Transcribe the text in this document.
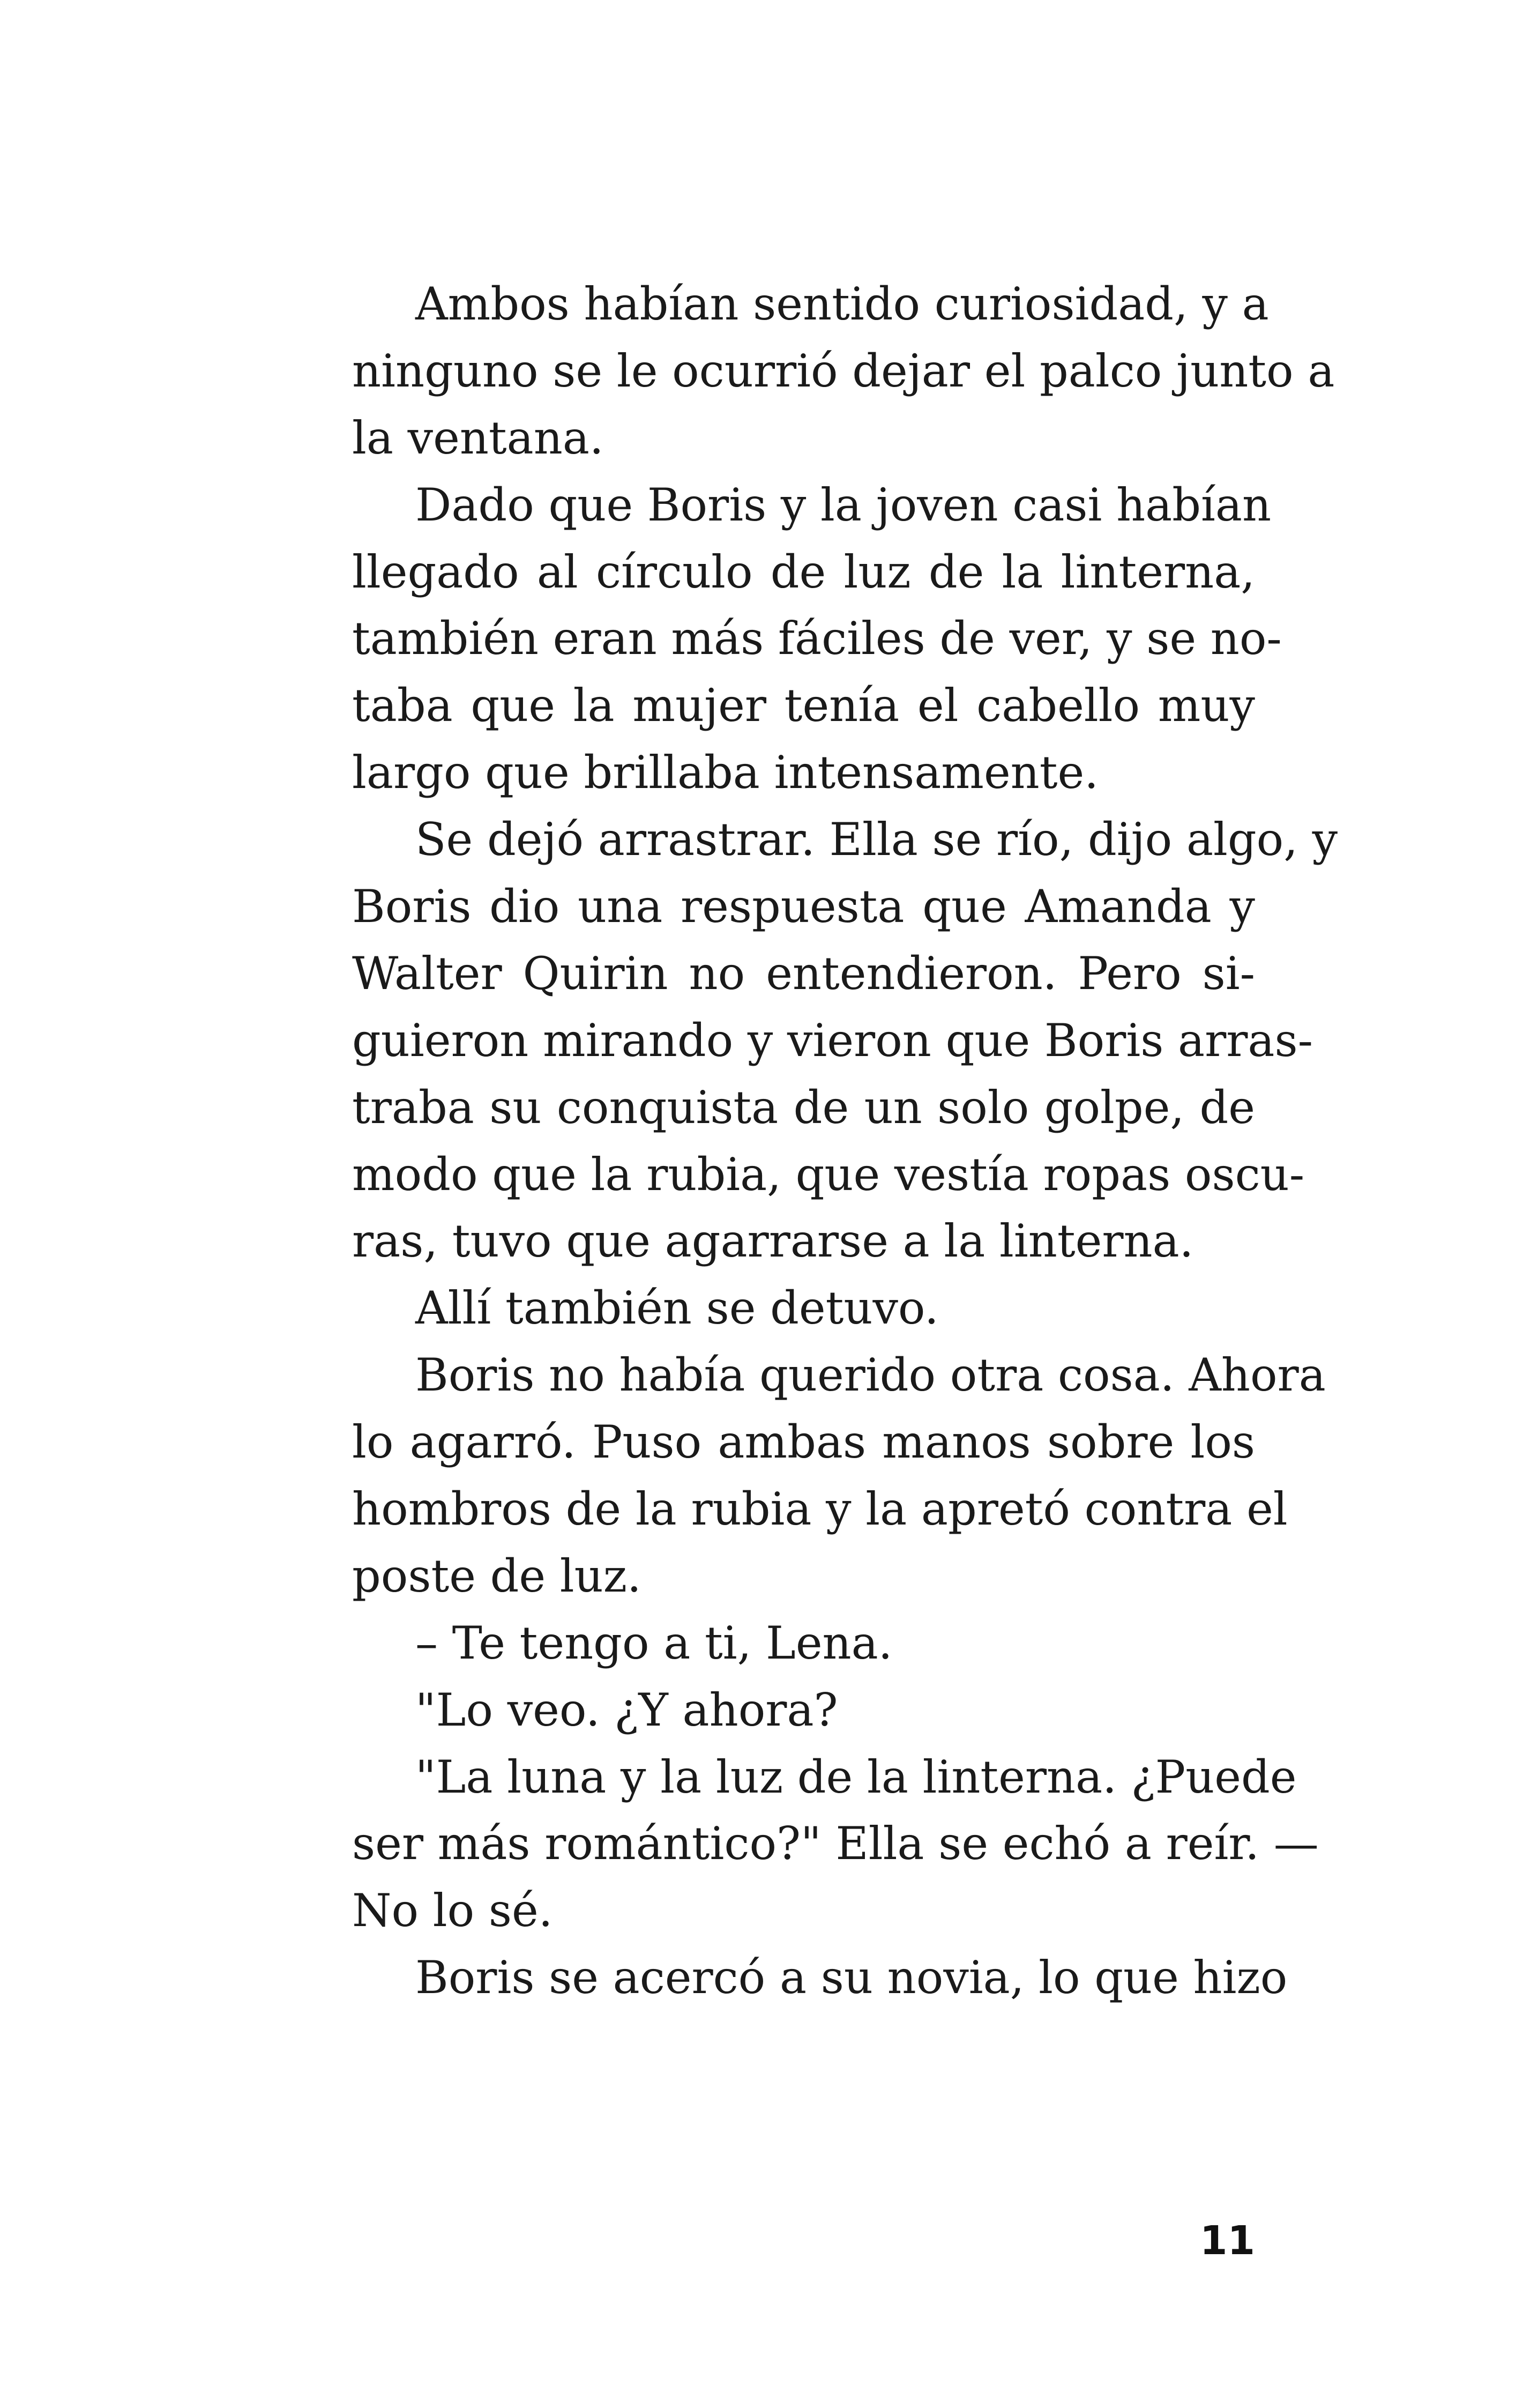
Ambos habían sentido curiosidad, y a
ninguno se le ocurrió dejar el palco junto a
la ventana.
Dado que Boris y la joven casi habían
llegado al círculo de luz de la linterna,
también eran más fáciles de ver, y se no-
taba que la mujer tenía el cabello muy
largo que brillaba intensamente.
Se dejó arrastrar. Ella se río, dijo algo, y
Boris dio una respuesta que Amanda y
Walter Quirin no entendieron. Pero si-
guieron mirando y vieron que Boris arras-
traba su conquista de un solo golpe, de
modo que la rubia, que vestía ropas oscu-
ras, tuvo que agarrarse a la linterna.
Allí también se detuvo.
Boris no había querido otra cosa. Ahora
lo agarró. Puso ambas manos sobre los
hombros de la rubia y la apretó contra el
poste de luz.
– Te tengo a ti, Lena.
"Lo veo. ¿Y ahora?
"La luna y la luz de la linterna. ¿Puede
ser más romántico?" Ella se echó a reír. —
No lo sé.
Boris se acercó a su novia, lo que hizo
11
